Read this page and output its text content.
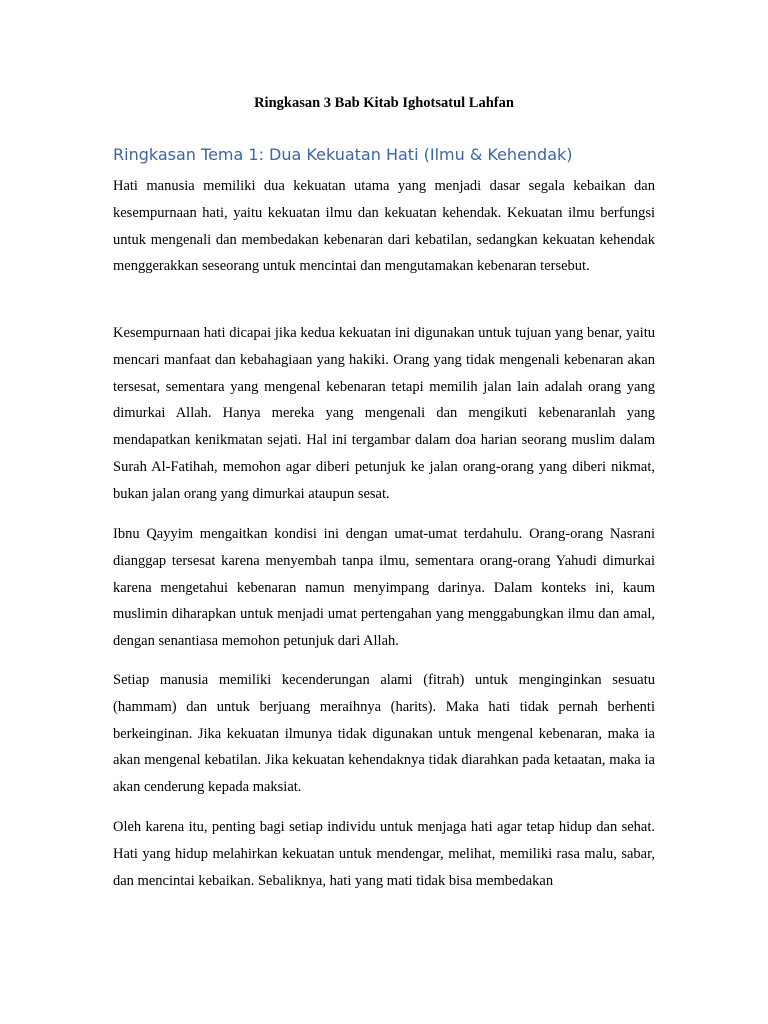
Ringkasan 3 Bab Kitab Ighotsatul Lahfan
Ringkasan Tema 1: Dua Kekuatan Hati (Ilmu & Kehendak)

Hati manusia memiliki dua kekuatan utama yang menjadi dasar segala kebaikan dan kesempurnaan hati, yaitu kekuatan ilmu dan kekuatan kehendak. Kekuatan ilmu berfungsi untuk mengenali dan membedakan kebenaran dari kebatilan, sedangkan kekuatan kehendak menggerakkan seseorang untuk mencintai dan mengutamakan kebenaran tersebut.

Kesempurnaan hati dicapai jika kedua kekuatan ini digunakan untuk tujuan yang benar, yaitu mencari manfaat dan kebahagiaan yang hakiki. Orang yang tidak mengenali kebenaran akan tersesat, sementara yang mengenal kebenaran tetapi memilih jalan lain adalah orang yang dimurkai Allah. Hanya mereka yang mengenali dan mengikuti kebenaranlah yang mendapatkan kenikmatan sejati. Hal ini tergambar dalam doa harian seorang muslim dalam Surah Al-Fatihah, memohon agar diberi petunjuk ke jalan orang-orang yang diberi nikmat, bukan jalan orang yang dimurkai ataupun sesat.

Ibnu Qayyim mengaitkan kondisi ini dengan umat-umat terdahulu. Orang-orang Nasrani dianggap tersesat karena menyembah tanpa ilmu, sementara orang-orang Yahudi dimurkai karena mengetahui kebenaran namun menyimpang darinya. Dalam konteks ini, kaum muslimin diharapkan untuk menjadi umat pertengahan yang menggabungkan ilmu dan amal, dengan senantiasa memohon petunjuk dari Allah.

Setiap manusia memiliki kecenderungan alami (fitrah) untuk menginginkan sesuatu (hammam) dan untuk berjuang meraihnya (harits). Maka hati tidak pernah berhenti berkeinginan. Jika kekuatan ilmunya tidak digunakan untuk mengenal kebenaran, maka ia akan mengenal kebatilan. Jika kekuatan kehendaknya tidak diarahkan pada ketaatan, maka ia akan cenderung kepada maksiat.

Oleh karena itu, penting bagi setiap individu untuk menjaga hati agar tetap hidup dan sehat. Hati yang hidup melahirkan kekuatan untuk mendengar, melihat, memiliki rasa malu, sabar, dan mencintai kebaikan. Sebaliknya, hati yang mati tidak bisa membedakan
